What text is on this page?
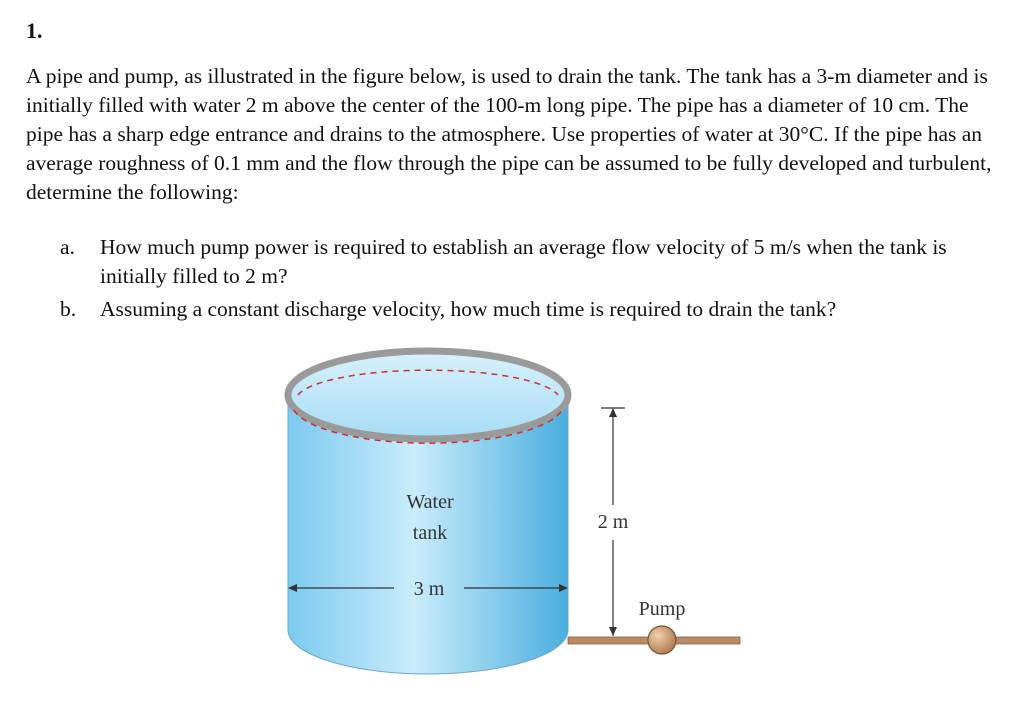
1.

A pipe and pump, as illustrated in the figure below, is used to drain the tank. The tank has a 3-m diameter and is initially filled with water 2 m above the center of the 100-m long pipe. The pipe has a diameter of 10 cm. The pipe has a sharp edge entrance and drains to the atmosphere. Use properties of water at 30°C. If the pipe has an average roughness of 0.1 mm and the flow through the pipe can be assumed to be fully developed and turbulent, determine the following:

a.	How much pump power is required to establish an average flow velocity of 5 m/s when the tank is initially filled to 2 m?
b.	Assuming a constant discharge velocity, how much time is required to drain the tank?
Water
tank
3 m
2 m
Pump
